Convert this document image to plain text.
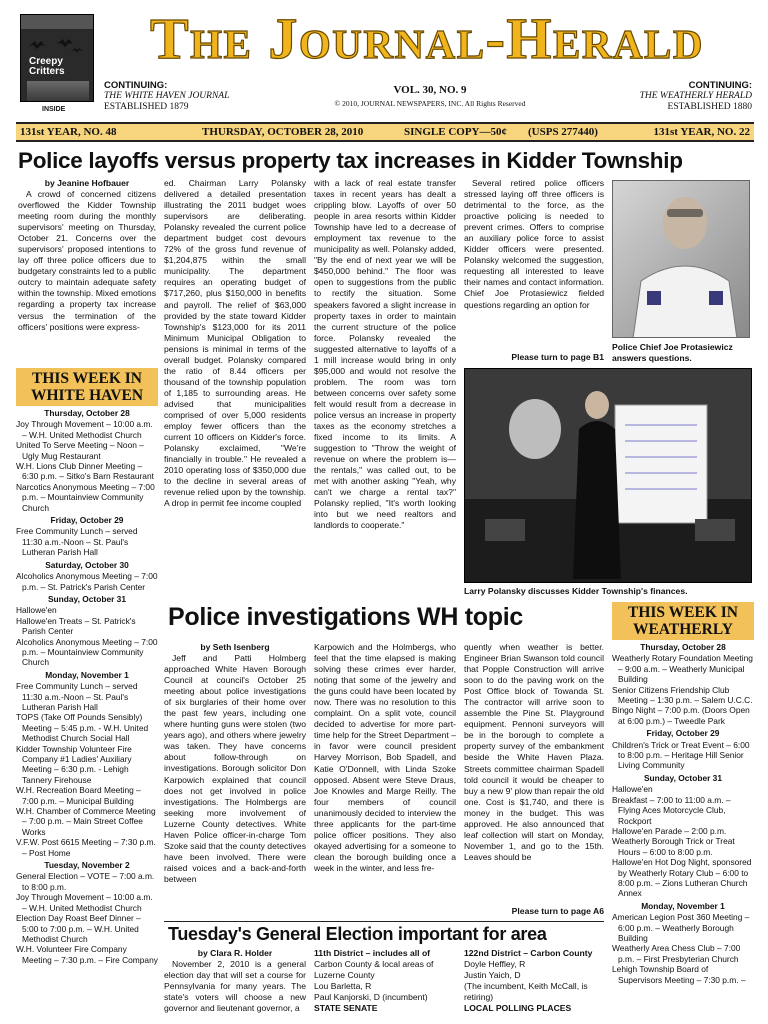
Creepy Critters
INSIDE
The Journal-Herald
CONTINUING:
THE WHITE HAVEN JOURNAL
ESTABLISHED 1879
VOL. 30, NO. 9
© 2010, JOURNAL NEWSPAPERS, INC. All Rights Reserved
CONTINUING:
THE WEATHERLY HERALD
ESTABLISHED 1880
131st YEAR, NO. 48	THURSDAY, OCTOBER 28, 2010	SINGLE COPY—50¢ (USPS 277440)	131st YEAR, NO. 22
Police layoffs versus property tax increases in Kidder Township
by Jeanine Hofbauer

A crowd of concerned citizens overflowed the Kidder Township meeting room during the monthly supervisors' meeting on Thursday, October 21. Concerns over the supervisors' proposed intentions to lay off three police officers due to budgetary constraints led to a public outcry to maintain adequate safety within the township. Mixed emotions regarding a property tax increase versus the termination of the officers' positions were express-

ed. Chairman Larry Polansky delivered a detailed presentation illustrating the 2011 budget woes supervisors are deliberating. Polansky revealed the current police department budget cost devours 72% of the gross fund revenue of $1,204,875 within the small municipality. The department requires an operating budget of $717,260, plus $150,000 in benefits and payroll. The relief of $63,000 provided by the state toward Kidder Township's $123,000 for its 2011 Minimum Municipal Obligation to pensions is minimal in terms of the overall budget. Polansky compared the ratio of 8.44 officers per thousand of the township population of 1,185 to surrounding areas. He advised that municipalities comprised of over 5,000 residents employ fewer officers than the current 10 officers on Kidder's force. Polansky exclaimed, "We're financially in trouble." He revealed a 2010 operating loss of $350,000 due to the decline in several areas of revenue relied upon by the township. A drop in permit fee income coupled

with a lack of real estate transfer taxes in recent years has dealt a crippling blow. Layoffs of over 50 people in area resorts within Kidder Township have led to a decrease of employment tax revenue to the municipality as well. Polansky added, "By the end of next year we will be $450,000 behind." The floor was open to suggestions from the public to rectify the situation. Some speakers favored a slight increase in property taxes in order to maintain the current structure of the police force. Polansky revealed the suggested alternative to layoffs of a 1 mill increase would bring in only $95,000 and would not resolve the problem. The room was torn between concerns over safety some felt would result from a decrease in police versus an increase in property taxes as the economy stretches a fixed income to its limits. A suggestion to "Throw the weight of revenue on where the problem is—the rentals," was called out, to be met with another asking "Yeah, why can't we charge a rental tax?" Polansky replied, "It's worth looking into but we need realtors and landlords to cooperate."

Several retired police officers stressed laying off three officers is detrimental to the force, as the proactive policing is needed to prevent crimes. Offers to comprise an auxiliary police force to assist Kidder officers were presented. Polansky welcomed the suggestion, requesting all interested to leave their names and contact information. Chief Joe Protasiewicz fielded questions regarding an option for

Please turn to page B1
Police Chief Joe Protasiewicz answers questions.
Larry Polansky discusses Kidder Township's finances.
THIS WEEK IN WHITE HAVEN
Thursday, October 28
Joy Through Movement – 10:00 a.m. – W.H. United Methodist Church
United To Serve Meeting – Noon – Ugly Mug Restaurant
W.H. Lions Club Dinner Meeting – 6:30 p.m. – Sitko's Barn Restaurant
Narcotics Anonymous Meeting – 7:00 p.m. – Mountainview Community Church
Friday, October 29
Free Community Lunch – served 11:30 a.m.-Noon – St. Paul's Lutheran Parish Hall
Saturday, October 30
Alcoholics Anonymous Meeting – 7:00 p.m. – St. Patrick's Parish Center
Sunday, October 31
Hallowe'en
Hallowe'en Treats – St. Patrick's Parish Center
Alcoholics Anonymous Meeting – 7:00 p.m. – Mountainview Community Church
Monday, November 1
Free Community Lunch – served 11:30 a.m.-Noon – St. Paul's Lutheran Parish Hall
TOPS (Take Off Pounds Sensibly) Meeting – 5:45 p.m. - W.H. United Methodist Church Social Hall
Kidder Township Volunteer Fire Company #1 Ladies' Auxiliary Meeting – 6:30 p.m. - Lehigh Tannery Firehouse
W.H. Recreation Board Meeting – 7:00 p.m. – Municipal Building
W.H. Chamber of Commerce Meeting – 7:00 p.m. – Main Street Coffee Works
V.F.W. Post 6615 Meeting – 7:30 p.m. – Post Home
Tuesday, November 2
General Election – VOTE – 7:00 a.m. to 8:00 p.m.
Joy Through Movement – 10:00 a.m. – W.H. United Methodist Church
Election Day Roast Beef Dinner – 5:00 to 7:00 p.m. – W.H. United Methodist Church
W.H. Volunteer Fire Company Meeting – 7:30 p.m. – Fire Company
Police investigations WH topic
by Seth Isenberg

Jeff and Patti Holmberg approached White Haven Borough Council at council's October 25 meeting about police investigations of six burglaries of their home over the past few years, including one where hunting guns were stolen (two years ago), and others where jewelry was taken. They have concerns about follow-through on investigations. Borough solicitor Don Karpowich explained that council does not get involved in police investigations. The Holmbergs are seeking more involvement of Luzerne County detectives. White Haven Police officer-in-charge Tom Szoke said that the county detectives have been involved. There were raised voices and a back-and-forth between

Karpowich and the Holmbergs, who feel that the time elapsed is making solving these crimes ever harder, noting that some of the jewelry and the guns could have been located by now. There was no resolution to this complaint. On a split vote, council decided to advertise for more part-time help for the Street Department – in favor were council president Harvey Morrison, Bob Spadell, and Katie O'Donnell, with Linda Szoke opposed. Absent were Steve Draus, Joe Knowles and Marge Reilly. The four members of council unanimously decided to interview the three applicants for the part-time police officer positions. They also okayed advertising for a someone to clean the borough building once a week in the winter, and less fre-

quently when weather is better. Engineer Brian Swanson told council that Popple Construction will arrive soon to do the paving work on the Post Office block of Towanda St. The contractor will arrive soon to assemble the Pine St. Playground equipment. Pennoni surveyors will be in the borough to complete a property survey of the embankment beside the White Haven Plaza. Streets committee chairman Spadell told council it would be cheaper to buy a new 9' plow than repair the old one. Cost is $1,740, and there is money in the budget. This was approved. He also announced that leaf collection will start on Monday, November 1, and go to the 15th. Leaves should be

Please turn to page A6
Tuesday's General Election important for area
by Clara R. Holder

November 2, 2010 is a general election day that will set a course for Pennsylvania for many years. The state's voters will choose a new governor and lieutenant governor, a

11th District – includes all of
Carbon County & local areas of
Luzerne County
Lou Barletta, R
Paul Kanjorski, D (incumbent)
STATE SENATE
122nd District – Carbon County
Doyle Heffley, R
Justin Yaich, D
(The incumbent, Keith McCall, is
retiring)
LOCAL POLLING PLACES
THIS WEEK IN WEATHERLY
Thursday, October 28
Weatherly Rotary Foundation Meeting – 9:00 a.m. – Weatherly Municipal Building
Senior Citizens Friendship Club Meeting – 1:30 p.m. – Salem U.C.C.
Bingo Night – 7:00 p.m. (Doors Open at 6:00 p.m.) – Tweedle Park
Friday, October 29
Children's Trick or Treat Event – 6:00 to 8:00 p.m. – Heritage Hill Senior Living Community
Sunday, October 31
Hallowe'en
Breakfast – 7:00 to 11:00 a.m. – Flying Aces Motorcycle Club, Rockport
Hallowe'en Parade – 2:00 p.m.
Weatherly Borough Trick or Treat Hours – 6:00 to 8:00 p.m.
Hallowe'en Hot Dog Night, sponsored by Weatherly Rotary Club – 6:00 to 8:00 p.m. – Zions Lutheran Church Annex
Monday, November 1
American Legion Post 360 Meeting – 6:00 p.m. – Weatherly Borough Building
Weatherly Area Chess Club – 7:00 p.m. – First Presbyterian Church
Lehigh Township Board of Supervisors Meeting – 7:30 p.m. –
